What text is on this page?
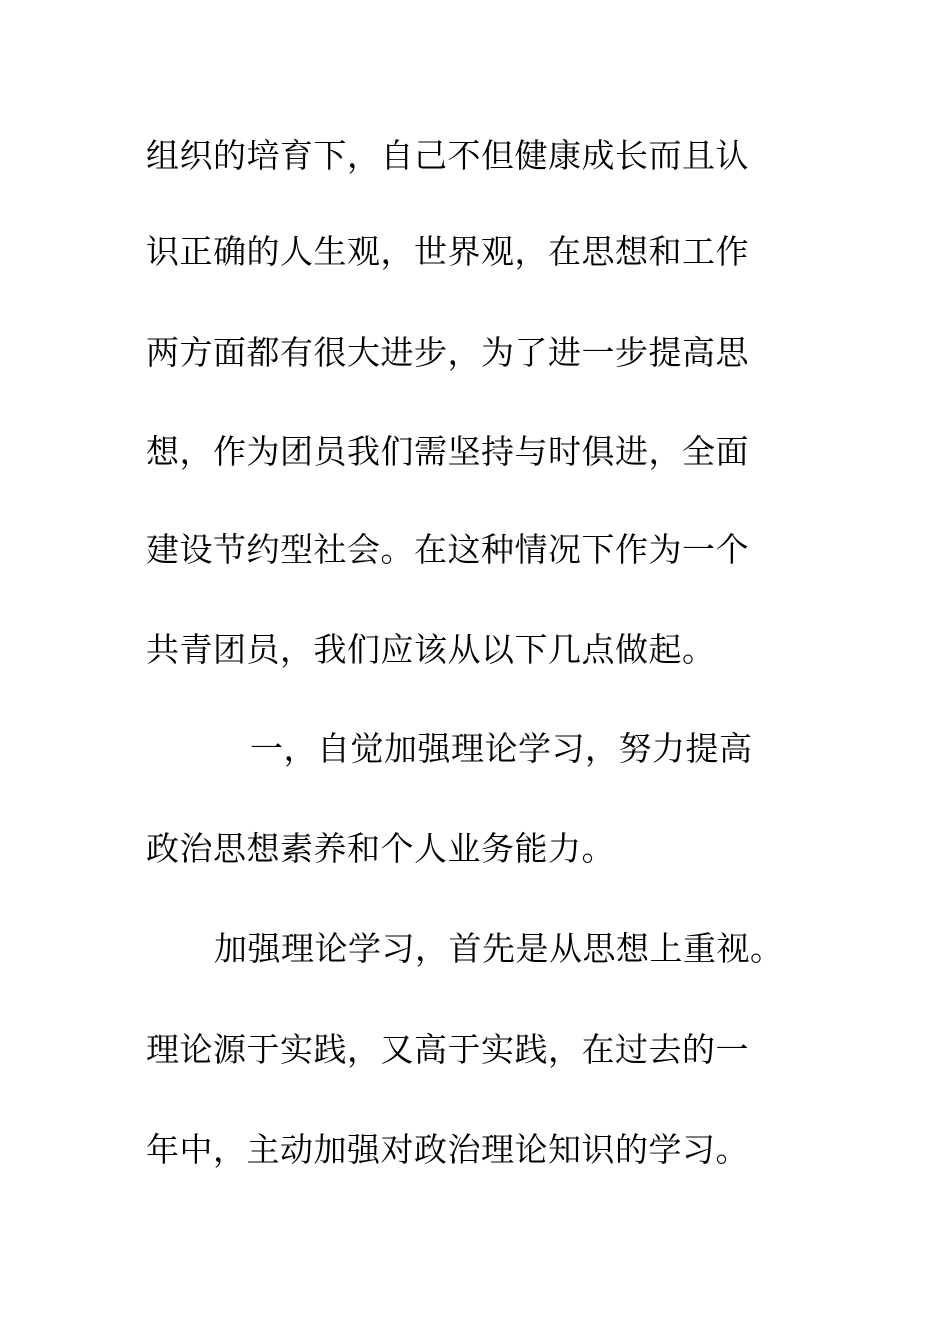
组织的培育下，自己不但健康成长而且认
识正确的人生观，世界观，在思想和工作
两方面都有很大进步，为了进一步提高思
想，作为团员我们需坚持与时俱进，全面
建设节约型社会。在这种情况下作为一个
共青团员，我们应该从以下几点做起。
一，自觉加强理论学习，努力提高
政治思想素养和个人业务能力。
加强理论学习，首先是从思想上重视。
理论源于实践，又高于实践，在过去的一
年中，主动加强对政治理论知识的学习。
